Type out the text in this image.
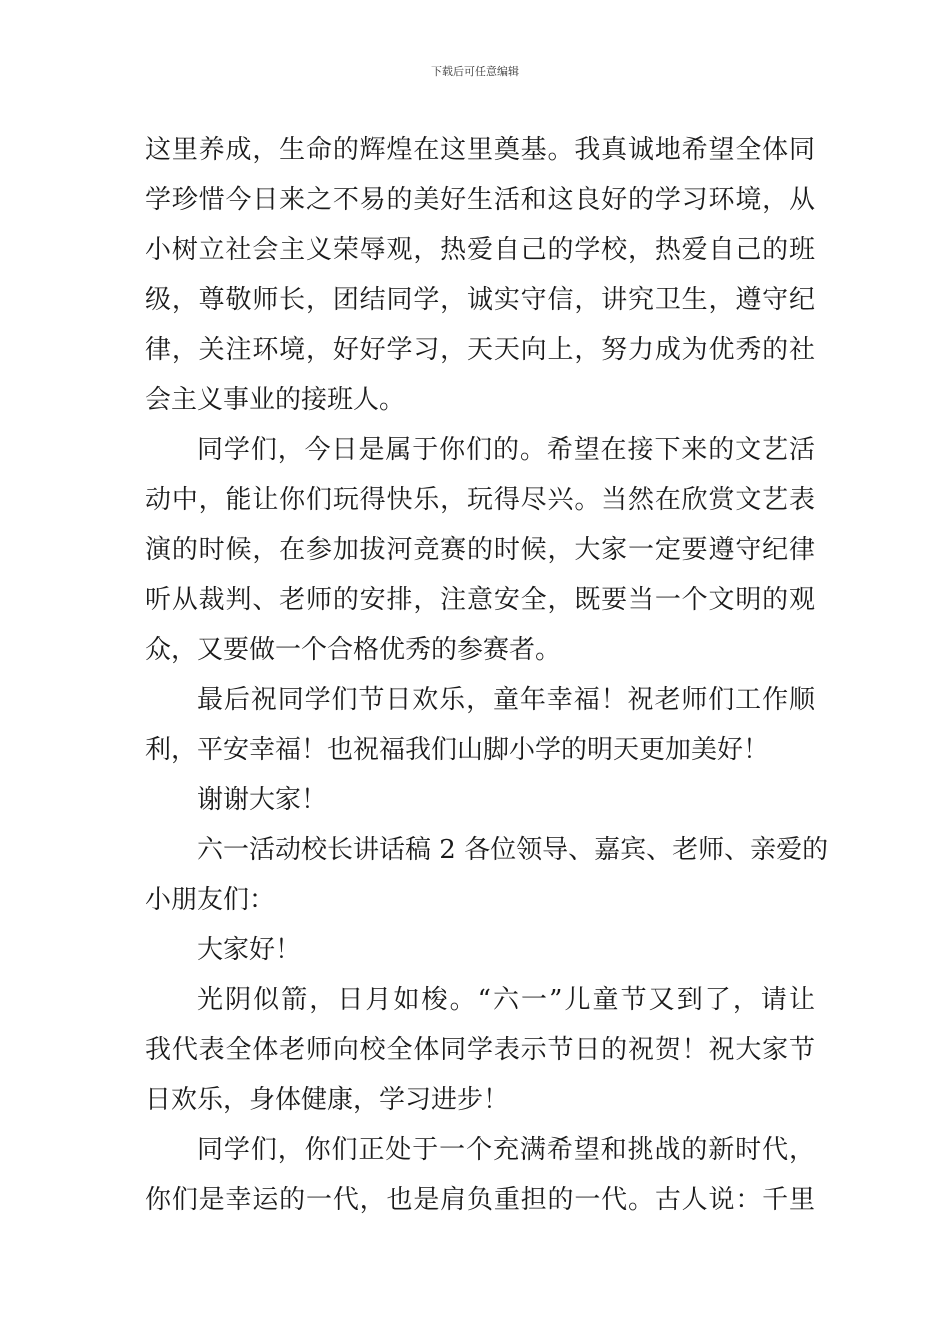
下载后可任意编辑
这里养成，生命的辉煌在这里奠基。我真诚地希望全体同
学珍惜今日来之不易的美好生活和这良好的学习环境，从
小树立社会主义荣辱观，热爱自己的学校，热爱自己的班
级，尊敬师长，团结同学，诚实守信，讲究卫生，遵守纪
律，关注环境，好好学习，天天向上，努力成为优秀的社
会主义事业的接班人。
同学们，今日是属于你们的。希望在接下来的文艺活
动中，能让你们玩得快乐，玩得尽兴。当然在欣赏文艺表
演的时候，在参加拔河竞赛的时候，大家一定要遵守纪律
听从裁判、老师的安排，注意安全，既要当一个文明的观
众，又要做一个合格优秀的参赛者。
最后祝同学们节日欢乐，童年幸福！祝老师们工作顺
利，平安幸福！也祝福我们山脚小学的明天更加美好！
谢谢大家！
六一活动校长讲话稿 2 各位领导、嘉宾、老师、亲爱的
小朋友们：
大家好！
光阴似箭，日月如梭。“六一”儿童节又到了，请让
我代表全体老师向校全体同学表示节日的祝贺！祝大家节
日欢乐，身体健康，学习进步！
同学们，你们正处于一个充满希望和挑战的新时代，
你们是幸运的一代，也是肩负重担的一代。古人说：千里
